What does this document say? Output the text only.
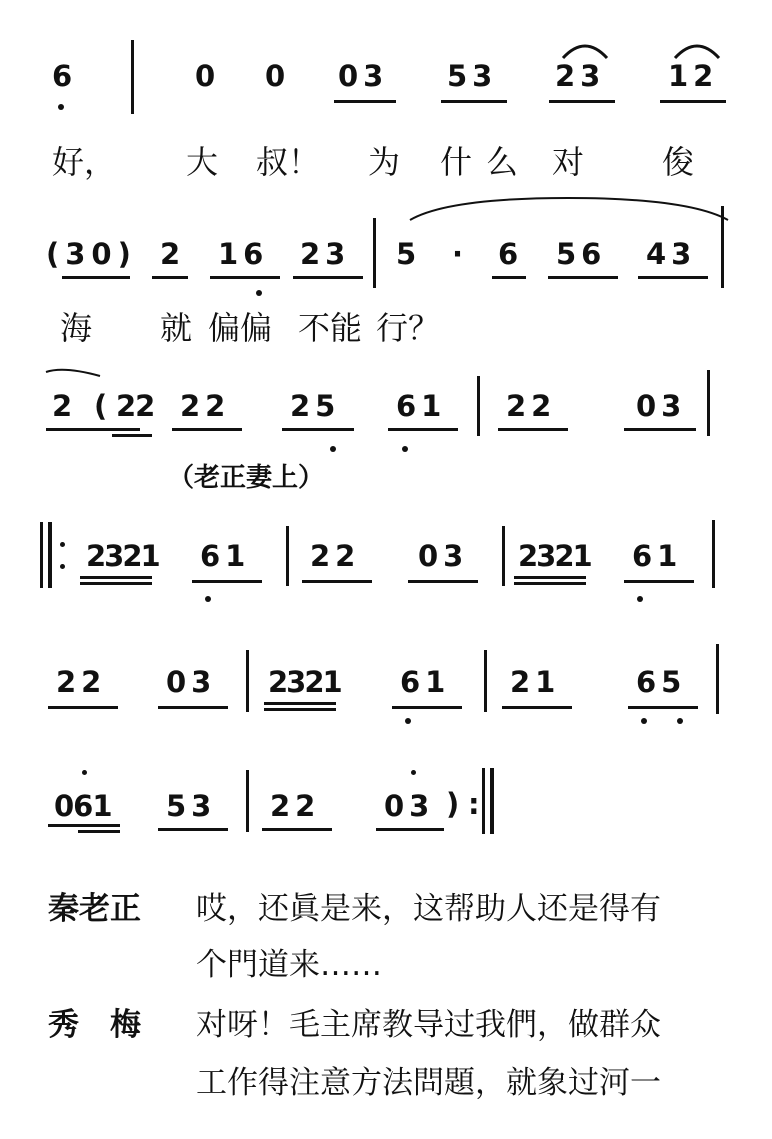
6	0 0 03 53 23 12
好， 大 叔！ 为 什 么 对 俊
(30) 2 16 23 5 · 6 56 43
海 就 偏偏 不能 行？
2 ( 22 22 25 61 22	03
（老正妻上）
2321 61 22 03 2321 61
22 03 2321 61 21	65
061 53 22 03 ) :
秦老正 哎，还眞是来，这帮助人还是得有
个門道来……
秀　梅 对呀！毛主席教导过我們，做群众
工作得注意方法問題，就象过河一
